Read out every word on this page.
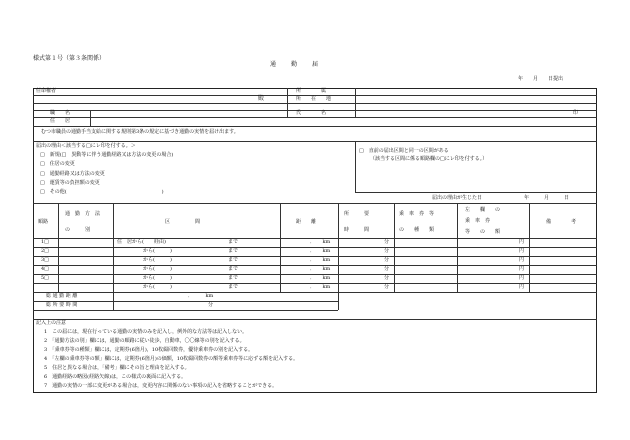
様式第１号（第３条関係）
通　　勤　　届
年　　月　　日提出
任命権者	所　　　　属
殿	所　　在　　地
職　　名	氏　　　　名	印
住　　居
むつ市職員の通勤手当支給に関する規則第3条の規定に基づき通勤の実情を届け出ます。
届出の理由＜該当する□にレ印を付する。＞
□　新規(□　異動等に伴う通勤経路又は方法の変更の場合)
□　住居の変更
□　通勤経路又は方法の変更
□　運賃等の負担額の変更
□　その他(　　　　　　　　　　　　　　　　　　　)
□　直前の届出区間と同一の区間がある
（該当する区間に係る順路欄の□にレ印を付する。）
届出の理由が生じた日	年　　　月　　　日
順路
通　勤　方　法
の　　　別
区　　　　　間	距　　離
所　　　要
時　　　間
乗　車　券　等
の　　種　　類
左　　欄　　の
乗　車　券
等　　の　　額
備　　　　考
1□	住　居から(　　経由)	まで	．　　km	分	円
2□	から(　　　)	まで	．　　km	分	円
3□	から(　　　)	まで	．　　km	分	円
4□	から(　　　)	まで	．　　km	分	円
5□	から(　　　)	まで	．　　km	分	円
から(　　　)	まで	．　　km	分	円
総 通 勤 距 離	．　　　km
総 所 要 時 間	分
記入上の注意
1　この届には，現在行っている通勤の実情のみを記入し，例外的な方法等は記入しない。
2　「通勤方法の別」欄には，通勤の順路に従い徒歩，自動車，〇〇線等の別を記入する。
3　「乗車券等の種類」欄には，定期券(6箇月)，10枚綴回数券，優待乗車券の別を記入する。
4　「左欄の乗車券等の額」欄には，定期券(6箇月)の価額，10枚綴回数券の額等乗車券等に応ずる額を記入する。
5　住居と異なる場合は，「備考」欄にその旨と理由を記入する。
6　通勤経路の略図(経路矢線)は，この様式の裏面に記入する。
7　通勤の実情の一部に変更がある場合は，変更内容に関係のない事項の記入を省略することができる。
